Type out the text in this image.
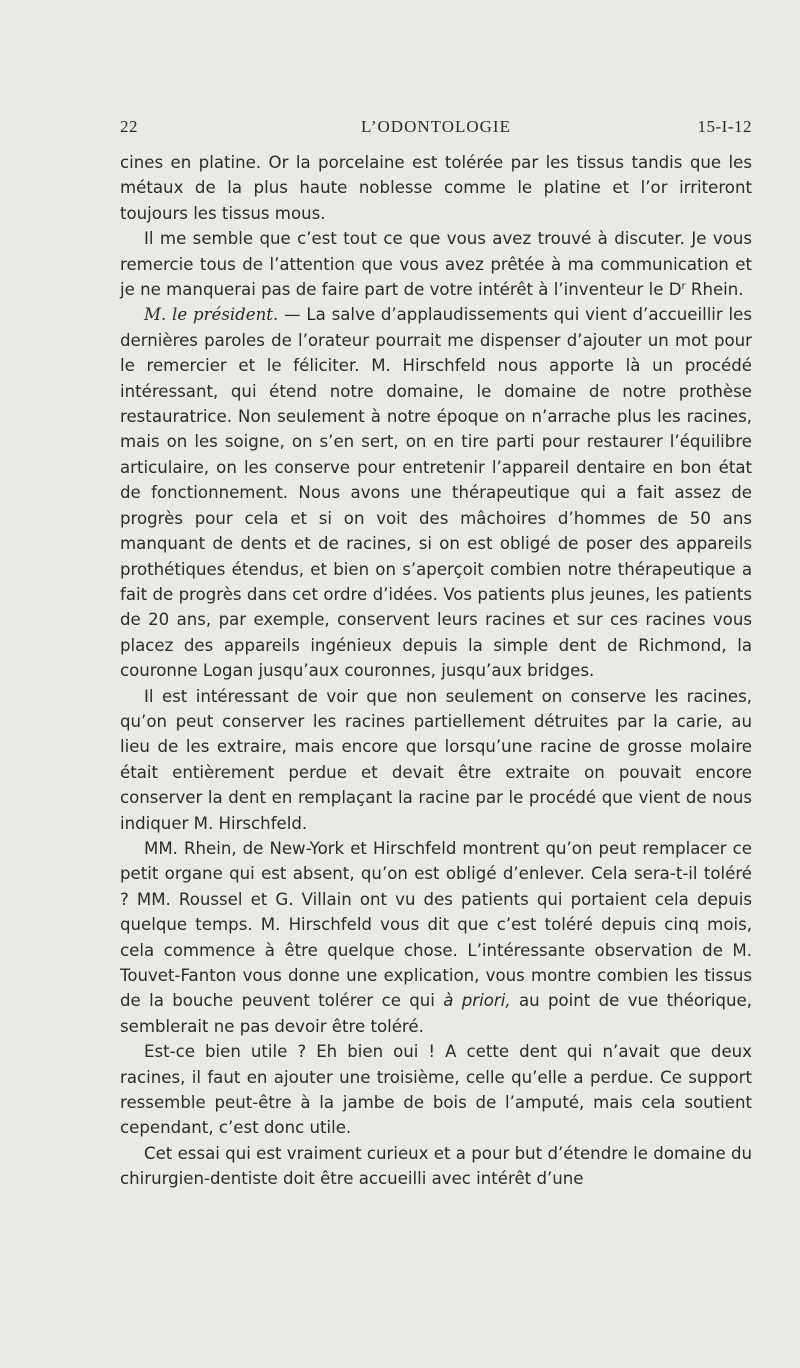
22	L’ODONTOLOGIE	15-I-12

cines en platine. Or la porcelaine est tolérée par les tissus tandis que les métaux de la plus haute noblesse comme le platine et l’or irriteront toujours les tissus mous.

Il me semble que c’est tout ce que vous avez trouvé à discuter. Je vous remercie tous de l’attention que vous avez prêtée à ma communication et je ne manquerai pas de faire part de votre intérêt à l’inventeur le $D^r$ Rhein.

M. le président. — La salve d’applaudissements qui vient d’accueillir les dernières paroles de l’orateur pourrait me dispenser d’ajouter un mot pour le remercier et le féliciter. M. Hirschfeld nous apporte là un procédé intéressant, qui étend notre domaine, le domaine de notre prothèse restauratrice. Non seulement à notre époque on n’arrache plus les racines, mais on les soigne, on s’en sert, on en tire parti pour restaurer l’équilibre articulaire, on les conserve pour entretenir l’appareil dentaire en bon état de fonctionnement. Nous avons une thérapeutique qui a fait assez de progrès pour cela et si on voit des mâchoires d’hommes de 50 ans manquant de dents et de racines, si on est obligé de poser des appareils prothétiques étendus, et bien on s’aperçoit combien notre thérapeutique a fait de progrès dans cet ordre d’idées. Vos patients plus jeunes, les patients de 20 ans, par exemple, conservent leurs racines et sur ces racines vous placez des appareils ingénieux depuis la simple dent de Richmond, la couronne Logan jusqu’aux couronnes, jusqu’aux bridges.

Il est intéressant de voir que non seulement on conserve les racines, qu’on peut conserver les racines partiellement détruites par la carie, au lieu de les extraire, mais encore que lorsqu’une racine de grosse molaire était entièrement perdue et devait être extraite on pouvait encore conserver la dent en remplaçant la racine par le procédé que vient de nous indiquer M. Hirschfeld.

MM. Rhein, de New-York et Hirschfeld montrent qu’on peut remplacer ce petit organe qui est absent, qu’on est obligé d’enlever. Cela sera-t-il toléré ? MM. Roussel et G. Villain ont vu des patients qui portaient cela depuis quelque temps. M. Hirschfeld vous dit que c’est toléré depuis cinq mois, cela commence à être quelque chose. L’intéressante observation de M. Touvet-Fanton vous donne une explication, vous montre combien les tissus de la bouche peuvent tolérer ce qui à priori, au point de vue théorique, semblerait ne pas devoir être toléré.

Est-ce bien utile ? Eh bien oui ! A cette dent qui n’avait que deux racines, il faut en ajouter une troisième, celle qu’elle a perdue. Ce support ressemble peut-être à la jambe de bois de l’amputé, mais cela soutient cependant, c’est donc utile.

Cet essai qui est vraiment curieux et a pour but d’étendre le domaine du chirurgien-dentiste doit être accueilli avec intérêt d’une
